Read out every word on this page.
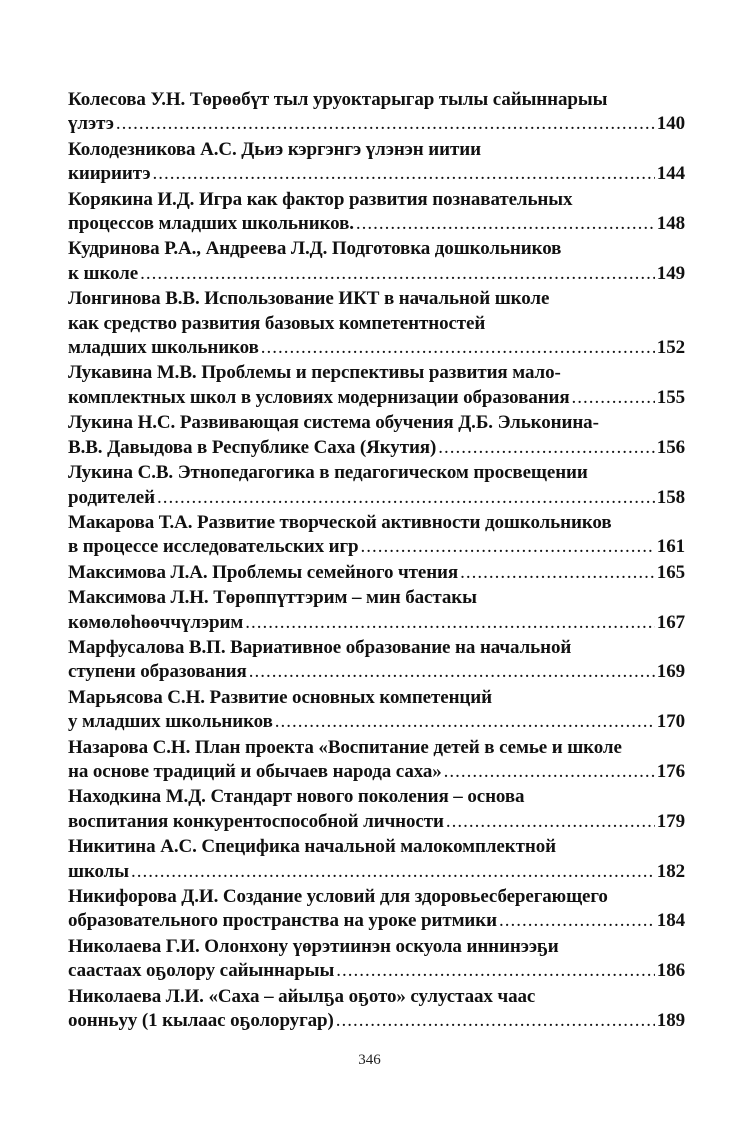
Колесова У.Н. Төрөөбүт тыл уруоктарыгар тылы сайыннарыы
үлэтэ .....	140
Колодезникова А.С. Дьиэ кэргэнгэ үлэнэн иитии
киириитэ .....	144
Корякина И.Д. Игра как фактор развития познавательных
процессов младших школьников. .....	148
Кудринова Р.А., Андреева Л.Д. Подготовка дошкольников
к школе .....	149
Лонгинова В.В. Использование ИКТ в начальной школе
как средство развития базовых компетентностей
младших школьников .....	152
Лукавина М.В. Проблемы и перспективы развития мало-
комплектных школ в условиях модернизации образования .....	155
Лукина Н.С. Развивающая система обучения Д.Б. Эльконина-
В.В. Давыдова в Республике Саха (Якутия) .....	156
Лукина С.В. Этнопедагогика в педагогическом просвещении
родителей .....	158
Макарова Т.А. Развитие творческой активности дошкольников
в процессе исследовательских игр .....	161
Максимова Л.А. Проблемы семейного чтения .....	165
Максимова Л.Н. Төрөппүттэрим – мин бастакы
көмөлөһөөччүлэрим .....	167
Марфусалова В.П. Вариативное образование на начальной
ступени образования .....	169
Марьясова С.Н. Развитие основных компетенций
у младших школьников .....	170
Назарова С.Н. План проекта «Воспитание детей в семье и школе
на основе традиций и обычаев народа саха» .....	176
Находкина М.Д. Стандарт нового поколения – основа
воспитания конкурентоспособной личности .....	179
Никитина А.С. Специфика начальной малокомплектной
школы .....	182
Никифорова Д.И. Создание условий для здоровьесберегающего
образовательного пространства на уроке ритмики .....	184
Николаева Г.И. Олонхону үөрэтиинэн оскуола иннинээҕи
саастаах оҕолору сайыннарыы .....	186
Николаева Л.И. «Саха – айылҕа оҕото» сулустаах чаас
оонньуу (1 кылаас оҕолоругар) .....	189
346
